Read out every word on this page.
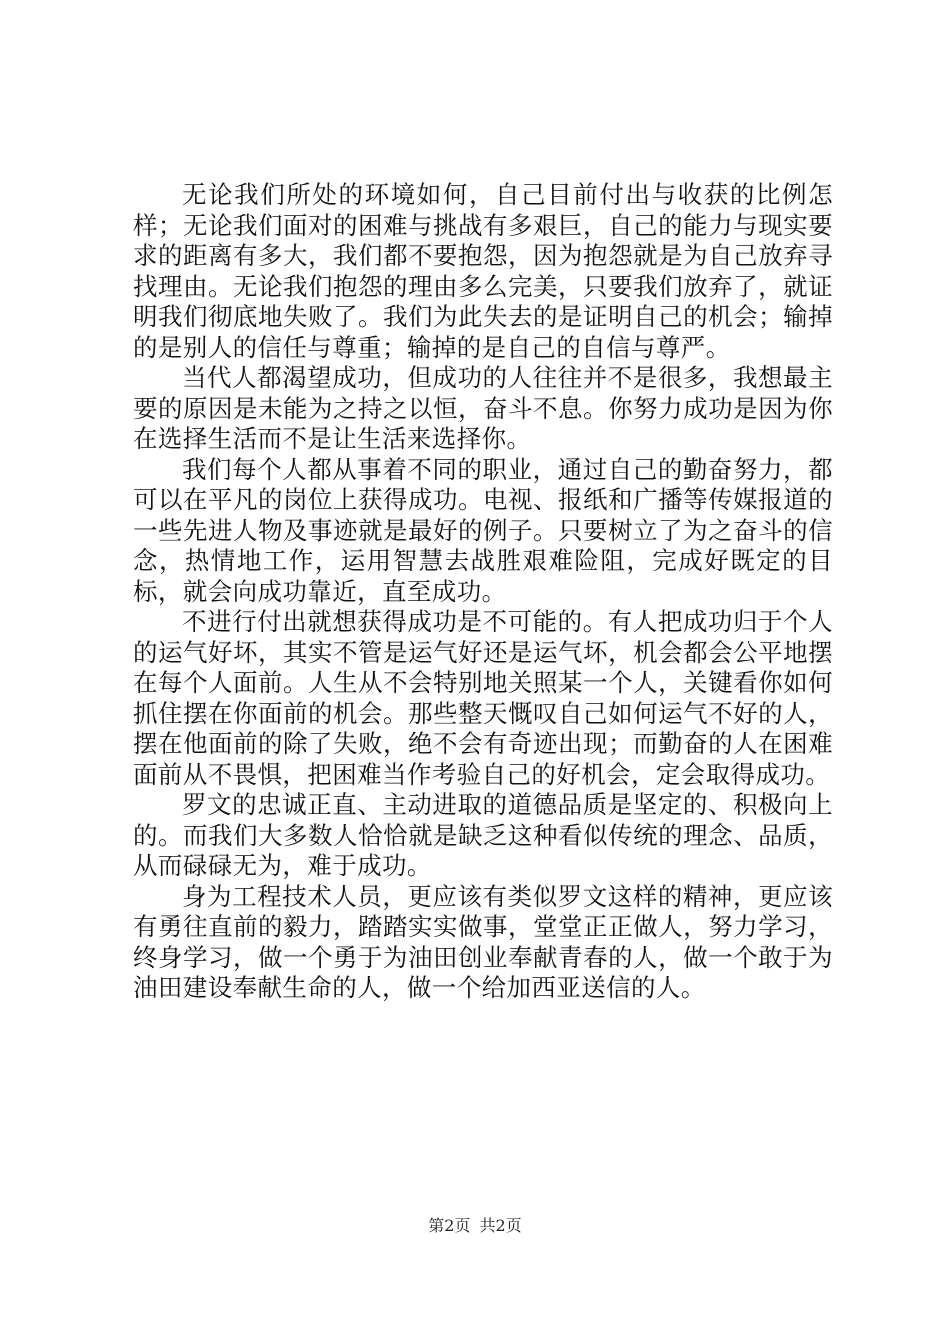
无论我们所处的环境如何，自己目前付出与收获的比例怎样；无论我们面对的困难与挑战有多艰巨，自己的能力与现实要求的距离有多大，我们都不要抱怨，因为抱怨就是为自己放弃寻找理由。无论我们抱怨的理由多么完美，只要我们放弃了，就证明我们彻底地失败了。我们为此失去的是证明自己的机会；输掉的是别人的信任与尊重；输掉的是自己的自信与尊严。

当代人都渴望成功，但成功的人往往并不是很多，我想最主要的原因是未能为之持之以恒，奋斗不息。你努力成功是因为你在选择生活而不是让生活来选择你。

我们每个人都从事着不同的职业，通过自己的勤奋努力，都可以在平凡的岗位上获得成功。电视、报纸和广播等传媒报道的一些先进人物及事迹就是最好的例子。只要树立了为之奋斗的信念，热情地工作，运用智慧去战胜艰难险阻，完成好既定的目标，就会向成功靠近，直至成功。

不进行付出就想获得成功是不可能的。有人把成功归于个人的运气好坏，其实不管是运气好还是运气坏，机会都会公平地摆在每个人面前。人生从不会特别地关照某一个人，关键看你如何抓住摆在你面前的机会。那些整天慨叹自己如何运气不好的人，摆在他面前的除了失败，绝不会有奇迹出现；而勤奋的人在困难面前从不畏惧，把困难当作考验自己的好机会，定会取得成功。

罗文的忠诚正直、主动进取的道德品质是坚定的、积极向上的。而我们大多数人恰恰就是缺乏这种看似传统的理念、品质，从而碌碌无为，难于成功。

身为工程技术人员，更应该有类似罗文这样的精神，更应该有勇往直前的毅力，踏踏实实做事，堂堂正正做人，努力学习，终身学习，做一个勇于为油田创业奉献青春的人，做一个敢于为油田建设奉献生命的人，做一个给加西亚送信的人。

第2页 共2页
